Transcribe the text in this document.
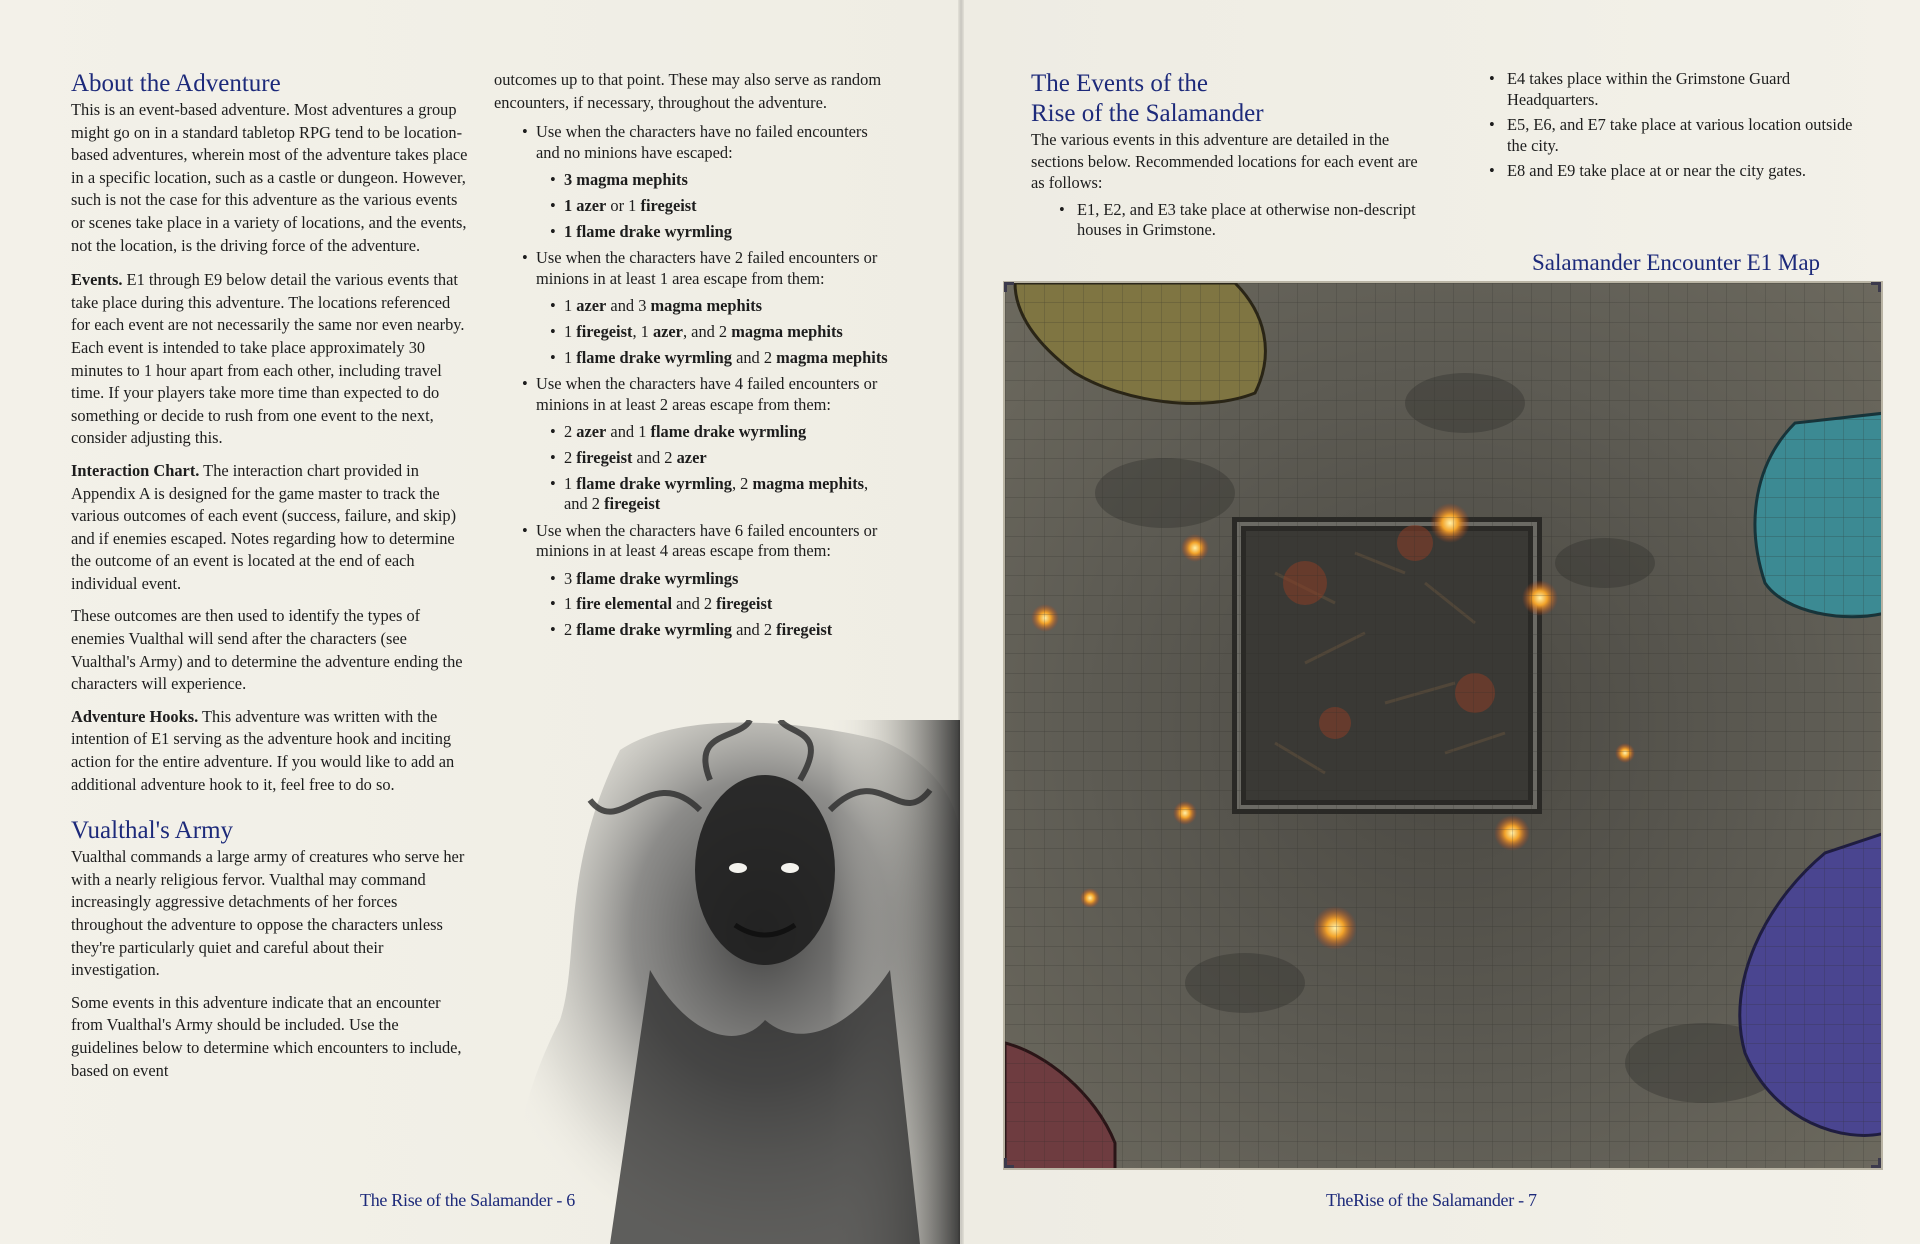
About the Adventure

This is an event-based adventure. Most adventures a group might go on in a standard tabletop RPG tend to be location-based adventures, wherein most of the adventure takes place in a specific location, such as a castle or dungeon. However, such is not the case for this adventure as the various events or scenes take place in a variety of locations, and the events, not the location, is the driving force of the adventure.

Events. E1 through E9 below detail the various events that take place during this adventure. The locations referenced for each event are not necessarily the same nor even nearby. Each event is intended to take place approximately 30 minutes to 1 hour apart from each other, including travel time. If your players take more time than expected to do something or decide to rush from one event to the next, consider adjusting this.

Interaction Chart. The interaction chart provided in Appendix A is designed for the game master to track the various outcomes of each event (success, failure, and skip) and if enemies escaped. Notes regarding how to determine the outcome of an event is located at the end of each individual event.

These outcomes are then used to identify the types of enemies Vualthal will send after the characters (see Vualthal's Army) and to determine the adventure ending the characters will experience.

Adventure Hooks. This adventure was written with the intention of E1 serving as the adventure hook and inciting action for the entire adventure. If you would like to add an additional adventure hook to it, feel free to do so.

Vualthal's Army

Vualthal commands a large army of creatures who serve her with a nearly religious fervor. Vualthal may command increasingly aggressive detachments of her forces throughout the adventure to oppose the characters unless they're particularly quiet and careful about their investigation.

Some events in this adventure indicate that an encounter from Vualthal's Army should be included. Use the guidelines below to determine which encounters to include, based on event

outcomes up to that point. These may also serve as random encounters, if necessary, throughout the adventure.

• Use when the characters have no failed encounters and no minions have escaped:
• 3 magma mephits
• 1 azer or 1 firegeist
• 1 flame drake wyrmling
• Use when the characters have 2 failed encounters or minions in at least 1 area escape from them:
• 1 azer and 3 magma mephits
• 1 firegeist, 1 azer, and 2 magma mephits
• 1 flame drake wyrmling and 2 magma mephits
• Use when the characters have 4 failed encounters or minions in at least 2 areas escape from them:
• 2 azer and 1 flame drake wyrmling
• 2 firegeist and 2 azer
• 1 flame drake wyrmling, 2 magma mephits, and 2 firegeist
• Use when the characters have 6 failed encounters or minions in at least 4 areas escape from them:
• 3 flame drake wyrmlings
• 1 fire elemental and 2 firegeist
• 2 flame drake wyrmling and 2 firegeist
The Rise of the Salamander - 6
The Events of the
Rise of the Salamander

The various events in this adventure are detailed in the sections below. Recommended locations for each event are as follows:

• E1, E2, and E3 take place at otherwise non-descript houses in Grimstone.
• E4 takes place within the Grimstone Guard Headquarters.
• E5, E6, and E7 take place at various location outside the city.
• E8 and E9 take place at or near the city gates.
Salamander Encounter E1 Map
TheRise of the Salamander - 7
